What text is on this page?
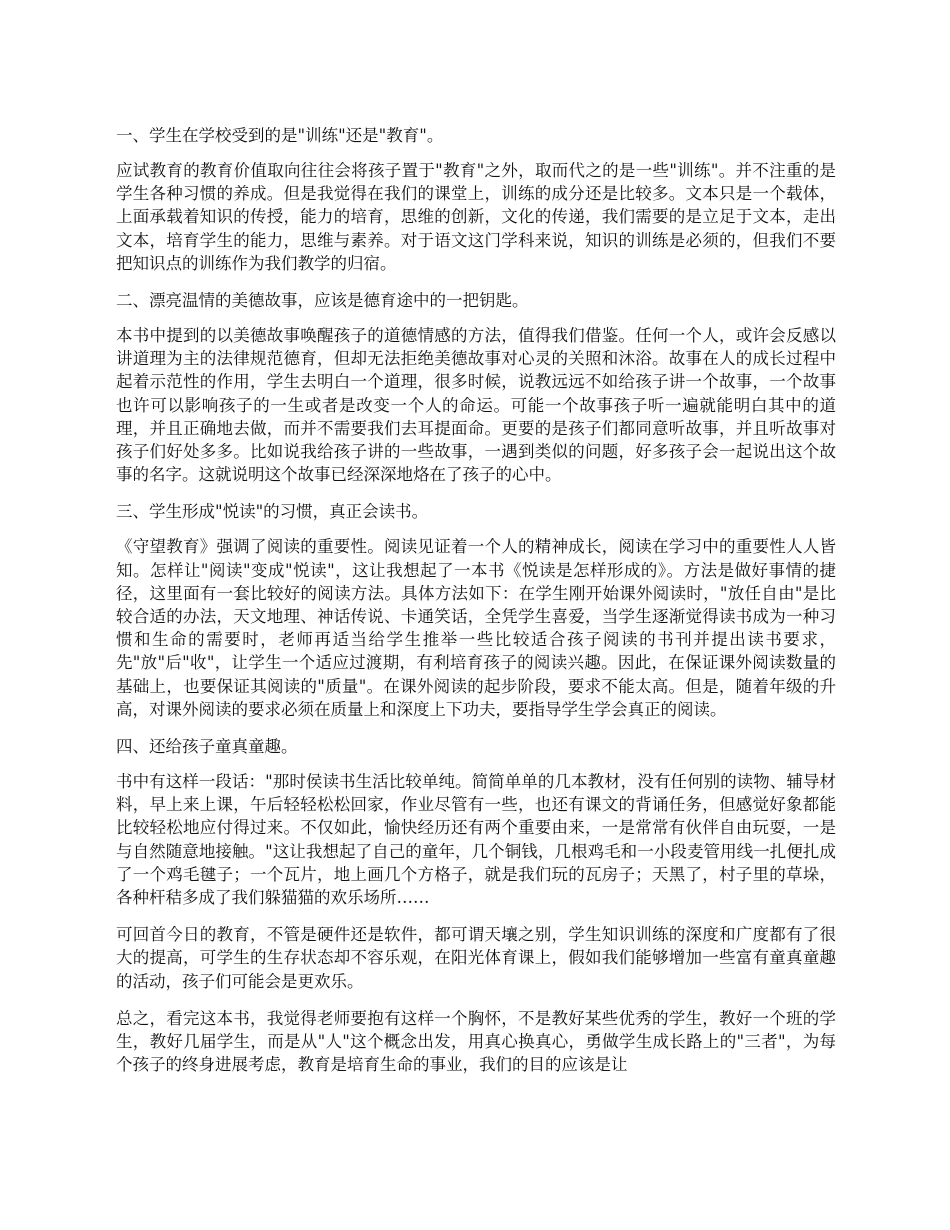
一、学生在学校受到的是"训练"还是"教育"。

应试教育的教育价值取向往往会将孩子置于"教育"之外，取而代之的是一些"训练"。并不注重的是学生各种习惯的养成。但是我觉得在我们的课堂上，训练的成分还是比较多。文本只是一个载体，上面承载着知识的传授，能力的培育，思维的创新，文化的传递，我们需要的是立足于文本，走出文本，培育学生的能力，思维与素养。对于语文这门学科来说，知识的训练是必须的，但我们不要把知识点的训练作为我们教学的归宿。

二、漂亮温情的美德故事，应该是德育途中的一把钥匙。

本书中提到的以美德故事唤醒孩子的道德情感的方法，值得我们借鉴。任何一个人，或许会反感以讲道理为主的法律规范德育，但却无法拒绝美德故事对心灵的关照和沐浴。故事在人的成长过程中起着示范性的作用，学生去明白一个道理，很多时候，说教远远不如给孩子讲一个故事，一个故事也许可以影响孩子的一生或者是改变一个人的命运。可能一个故事孩子听一遍就能明白其中的道理，并且正确地去做，而并不需要我们去耳提面命。更要的是孩子们都同意听故事，并且听故事对孩子们好处多多。比如说我给孩子讲的一些故事，一遇到类似的问题，好多孩子会一起说出这个故事的名字。这就说明这个故事已经深深地烙在了孩子的心中。

三、学生形成"悦读"的习惯，真正会读书。

《守望教育》强调了阅读的重要性。阅读见证着一个人的精神成长，阅读在学习中的重要性人人皆知。怎样让"阅读"变成"悦读"，这让我想起了一本书《悦读是怎样形成的》。方法是做好事情的捷径，这里面有一套比较好的阅读方法。具体方法如下：在学生刚开始课外阅读时，"放任自由"是比较合适的办法，天文地理、神话传说、卡通笑话，全凭学生喜爱，当学生逐渐觉得读书成为一种习惯和生命的需要时，老师再适当给学生推举一些比较适合孩子阅读的书刊并提出读书要求，先"放"后"收"，让学生一个适应过渡期，有利培育孩子的阅读兴趣。因此，在保证课外阅读数量的基础上，也要保证其阅读的"质量"。在课外阅读的起步阶段，要求不能太高。但是，随着年级的升高，对课外阅读的要求必须在质量上和深度上下功夫，要指导学生学会真正的阅读。

四、还给孩子童真童趣。

书中有这样一段话："那时侯读书生活比较单纯。简简单单的几本教材，没有任何别的读物、辅导材料，早上来上课，午后轻轻松松回家，作业尽管有一些，也还有课文的背诵任务，但感觉好象都能比较轻松地应付得过来。不仅如此，愉快经历还有两个重要由来，一是常常有伙伴自由玩耍，一是与自然随意地接触。"这让我想起了自己的童年，几个铜钱，几根鸡毛和一小段麦管用线一扎便扎成了一个鸡毛毽子；一个瓦片，地上画几个方格子，就是我们玩的瓦房子；天黑了，村子里的草垛，各种杆秸多成了我们躲猫猫的欢乐场所……

可回首今日的教育，不管是硬件还是软件，都可谓天壤之别，学生知识训练的深度和广度都有了很大的提高，可学生的生存状态却不容乐观，在阳光体育课上，假如我们能够增加一些富有童真童趣的活动，孩子们可能会是更欢乐。

总之，看完这本书，我觉得老师要抱有这样一个胸怀，不是教好某些优秀的学生，教好一个班的学生，教好几届学生，而是从"人"这个概念出发，用真心换真心，勇做学生成长路上的"三者"，为每个孩子的终身进展考虑，教育是培育生命的事业，我们的目的应该是让
